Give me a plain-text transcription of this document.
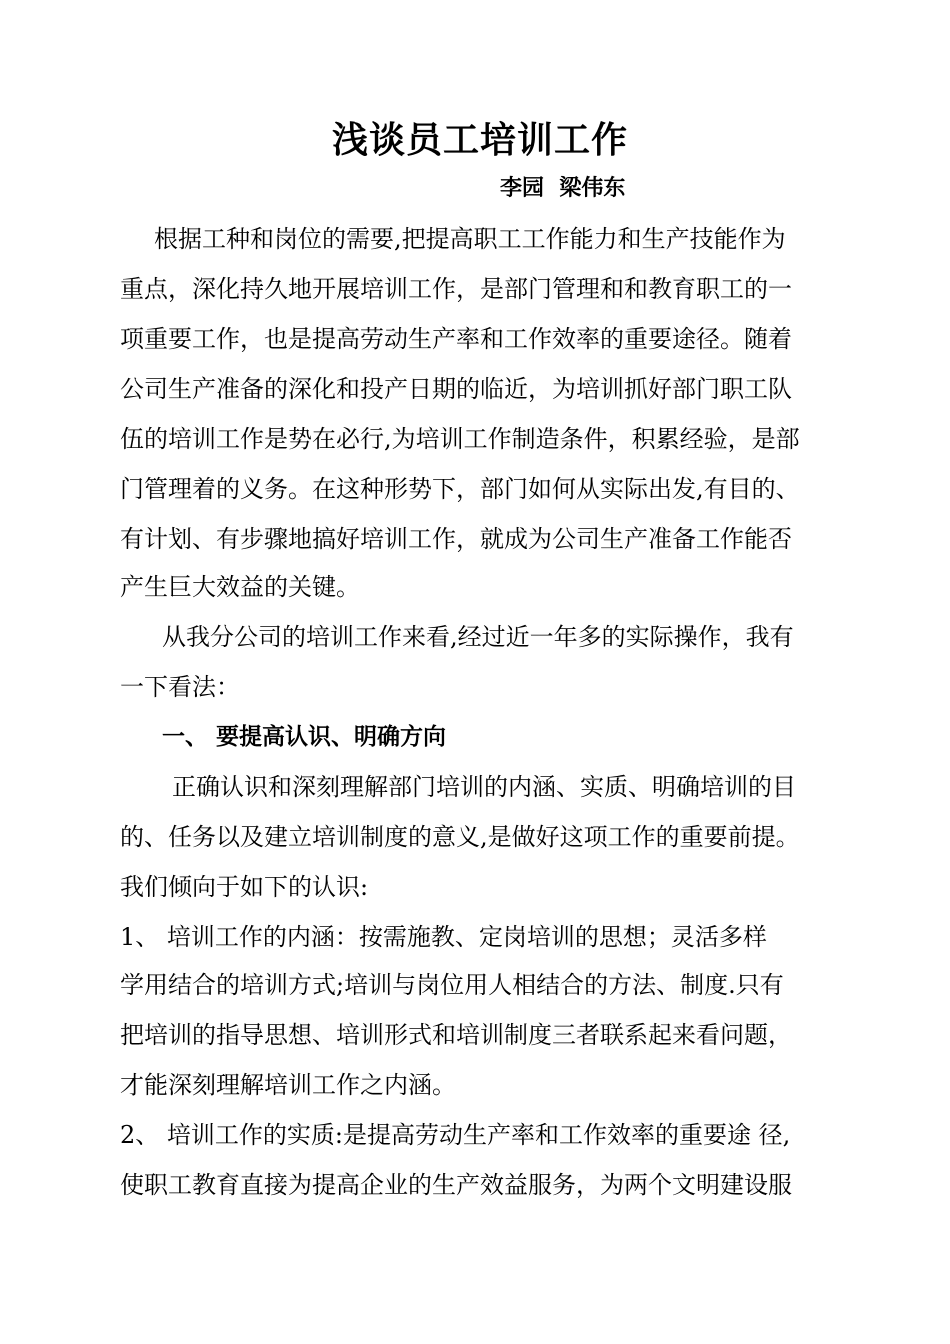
浅谈员工培训工作
李园  梁伟东
根据工种和岗位的需要,把提高职工工作能力和生产技能作为
重点，深化持久地开展培训工作，是部门管理和和教育职工的一
项重要工作，也是提高劳动生产率和工作效率的重要途径。随着
公司生产准备的深化和投产日期的临近，为培训抓好部门职工队
伍的培训工作是势在必行,为培训工作制造条件，积累经验，是部
门管理着的义务。在这种形势下，部门如何从实际出发,有目的、
有计划、有步骤地搞好培训工作，就成为公司生产准备工作能否
产生巨大效益的关键。
从我分公司的培训工作来看,经过近一年多的实际操作，我有
一下看法：
一、 要提高认识、明确方向
正确认识和深刻理解部门培训的内涵、实质、明确培训的目
的、任务以及建立培训制度的意义,是做好这项工作的重要前提。
我们倾向于如下的认识:
1、 培训工作的内涵：按需施教、定岗培训的思想；灵活多样
学用结合的培训方式;培训与岗位用人相结合的方法、制度.只有
把培训的指导思想、培训形式和培训制度三者联系起来看问题，
才能深刻理解培训工作之内涵。
2、 培训工作的实质:是提高劳动生产率和工作效率的重要途 径,
使职工教育直接为提高企业的生产效益服务，为两个文明建设服
